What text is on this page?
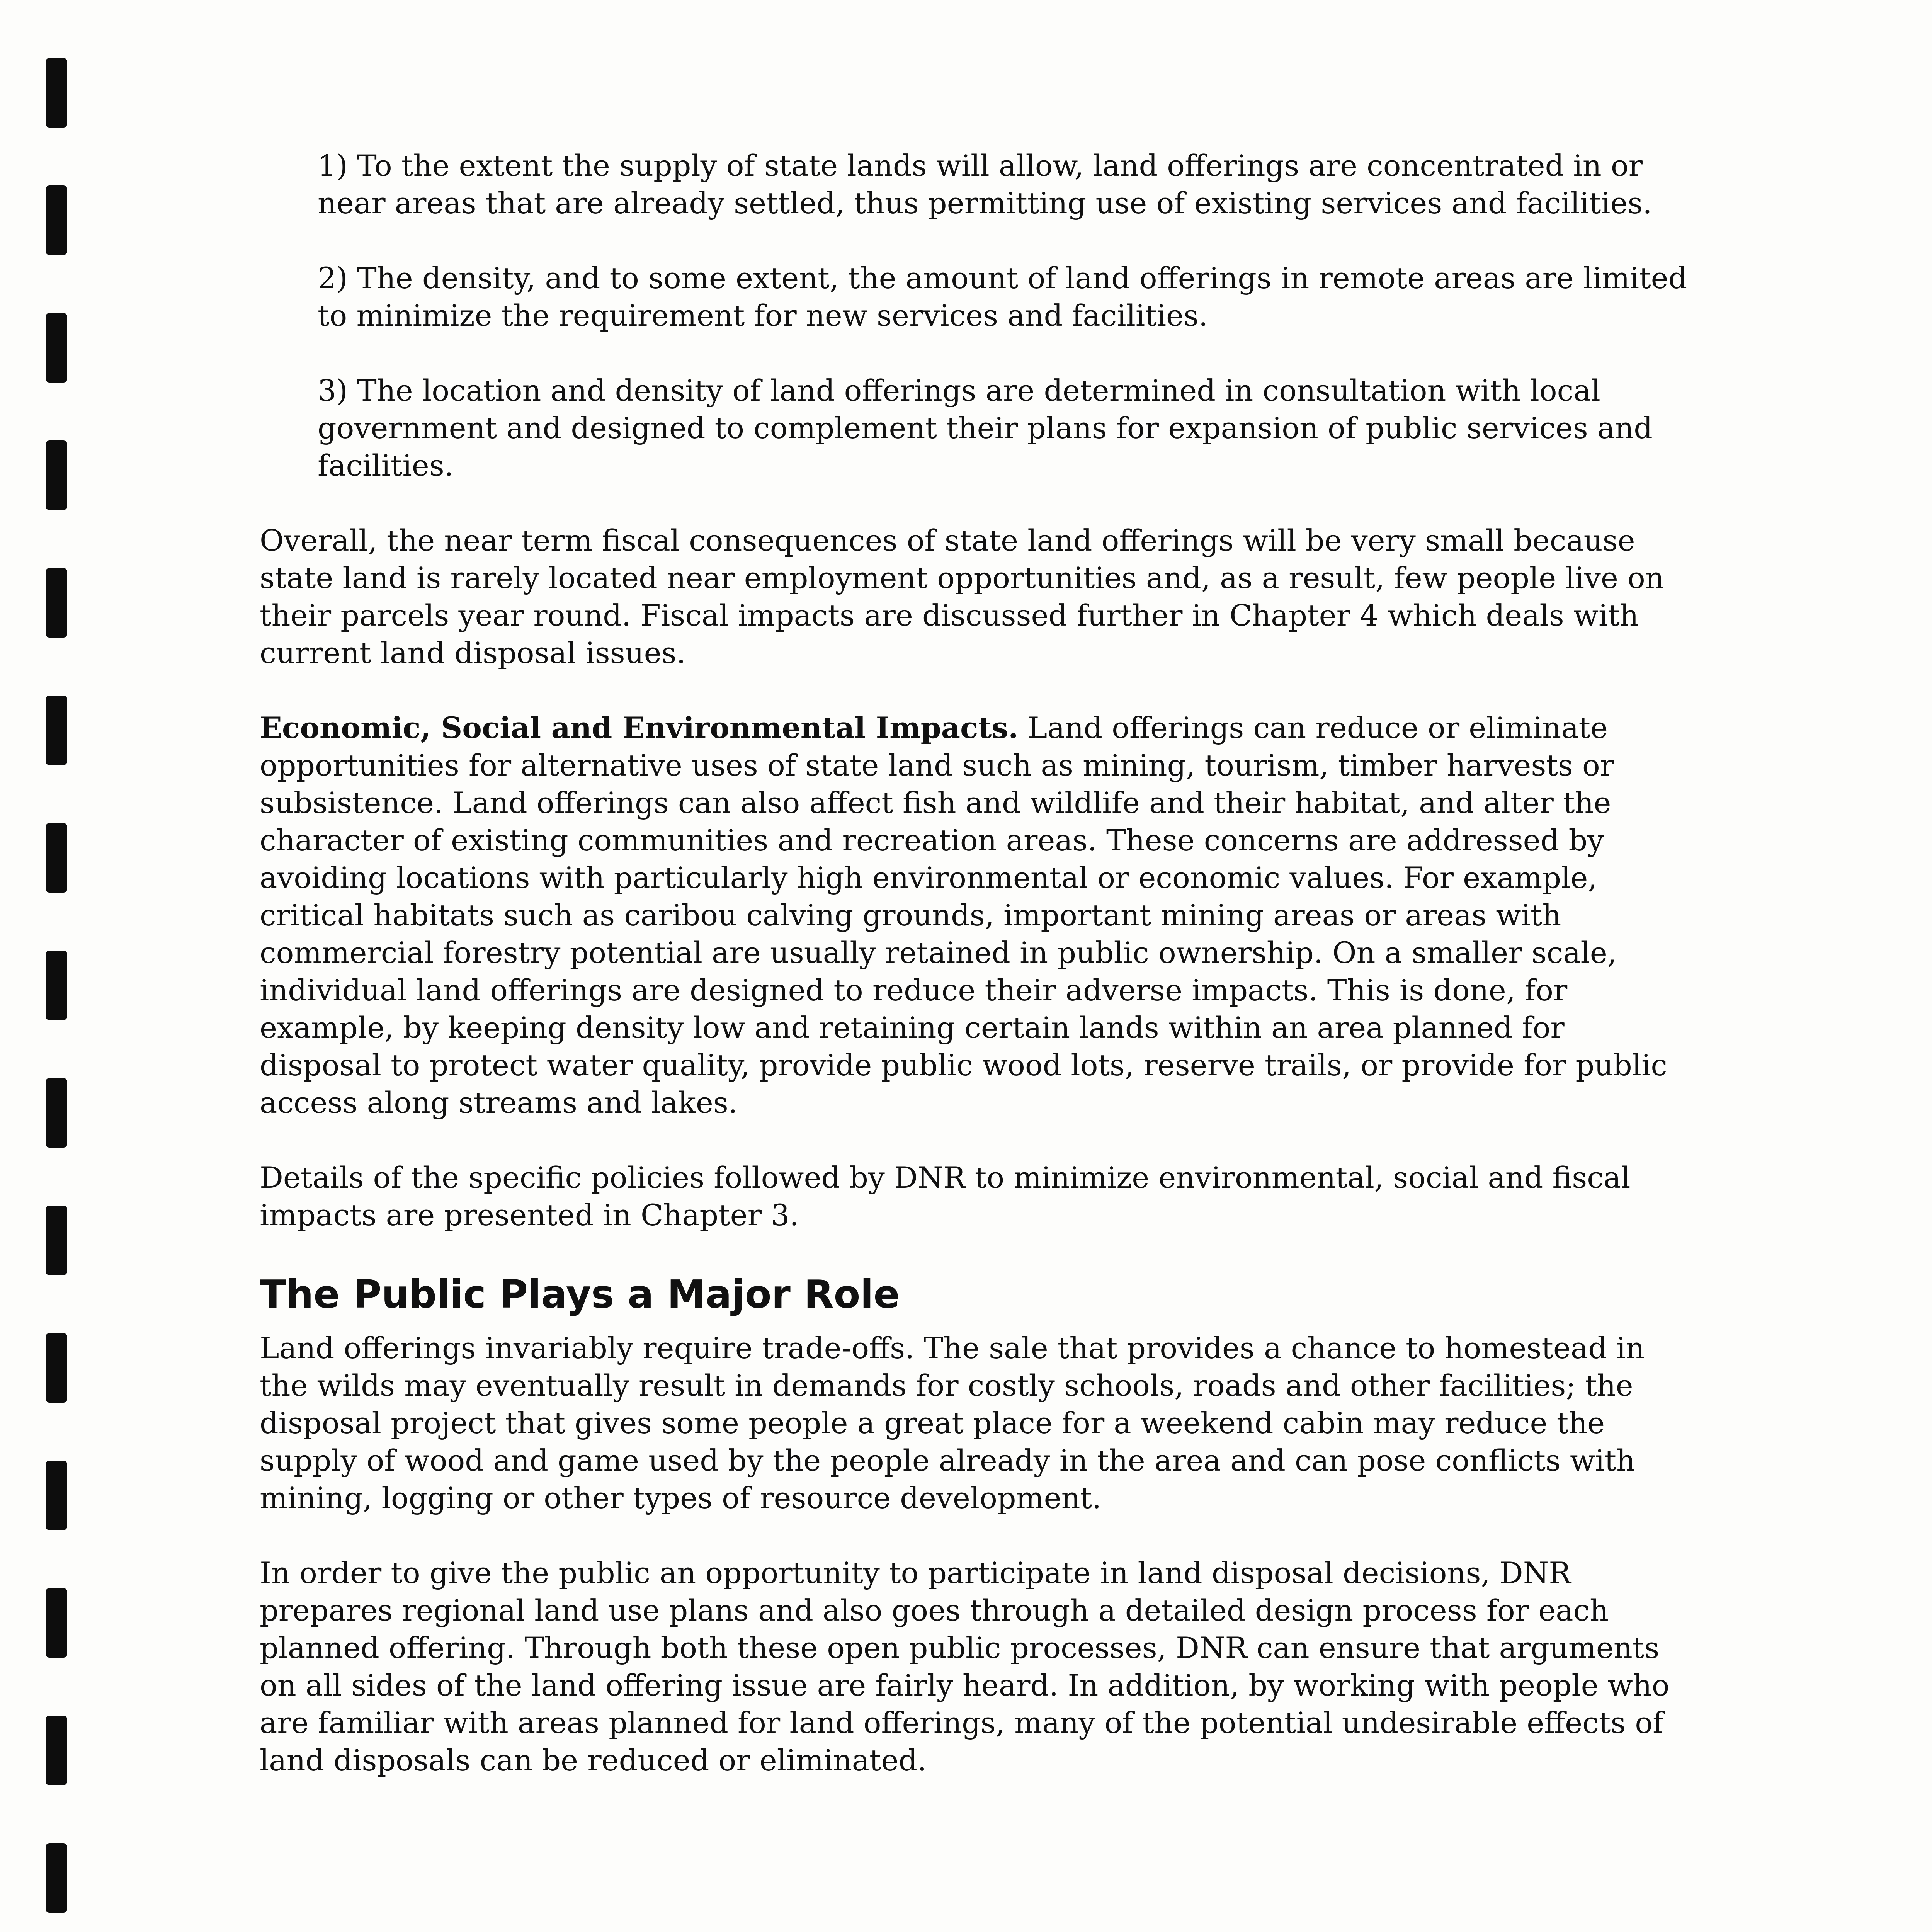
1) To the extent the supply of state lands will allow, land offerings are concentrated in or near areas that are already settled, thus permitting use of existing services and facilities.

2) The density, and to some extent, the amount of land offerings in remote areas are limited to minimize the requirement for new services and facilities.

3) The location and density of land offerings are determined in consultation with local government and designed to complement their plans for expansion of public services and facilities.

Overall, the near term fiscal consequences of state land offerings will be very small because state land is rarely located near employment opportunities and, as a result, few people live on their parcels year round. Fiscal impacts are discussed further in Chapter 4 which deals with current land disposal issues.

Economic, Social and Environmental Impacts. Land offerings can reduce or eliminate opportunities for alternative uses of state land such as mining, tourism, timber harvests or subsistence. Land offerings can also affect fish and wildlife and their habitat, and alter the character of existing communities and recreation areas. These concerns are addressed by avoiding locations with particularly high environmental or economic values. For example, critical habitats such as caribou calving grounds, important mining areas or areas with commercial forestry potential are usually retained in public ownership. On a smaller scale, individual land offerings are designed to reduce their adverse impacts. This is done, for example, by keeping density low and retaining certain lands within an area planned for disposal to protect water quality, provide public wood lots, reserve trails, or provide for public access along streams and lakes.

Details of the specific policies followed by DNR to minimize environmental, social and fiscal impacts are presented in Chapter 3.

The Public Plays a Major Role

Land offerings invariably require trade-offs. The sale that provides a chance to homestead in the wilds may eventually result in demands for costly schools, roads and other facilities; the disposal project that gives some people a great place for a weekend cabin may reduce the supply of wood and game used by the people already in the area and can pose conflicts with mining, logging or other types of resource development.

In order to give the public an opportunity to participate in land disposal decisions, DNR prepares regional land use plans and also goes through a detailed design process for each planned offering. Through both these open public processes, DNR can ensure that arguments on all sides of the land offering issue are fairly heard. In addition, by working with people who are familiar with areas planned for land offerings, many of the potential undesirable effects of land disposals can be reduced or eliminated.
